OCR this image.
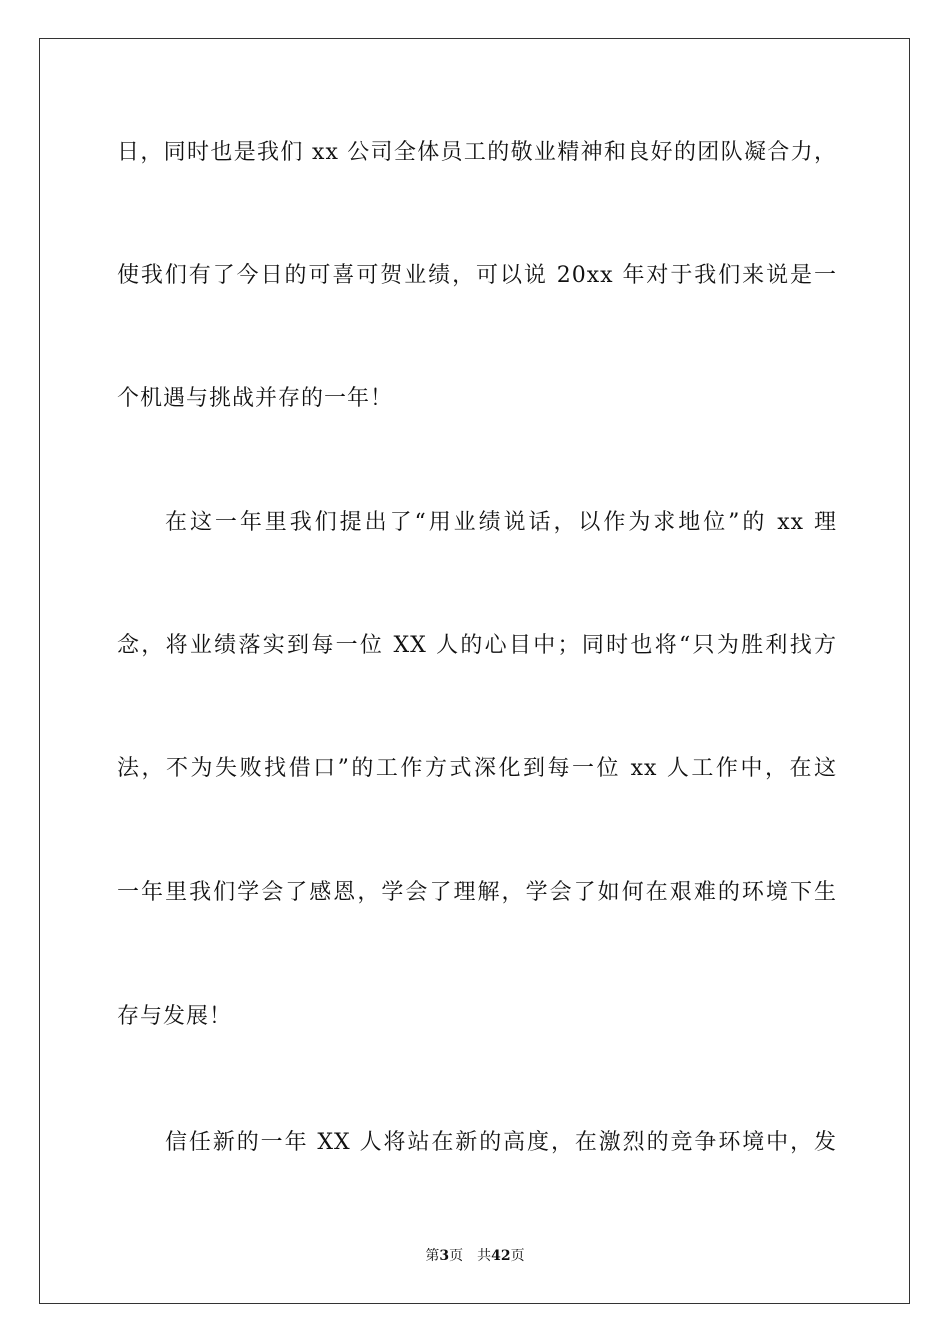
日，同时也是我们 xx 公司全体员工的敬业精神和良好的团队凝合力，
使我们有了今日的可喜可贺业绩，可以说 20xx 年对于我们来说是一
个机遇与挑战并存的一年！
在这一年里我们提出了“用业绩说话，以作为求地位”的 xx 理
念，将业绩落实到每一位 XX 人的心目中；同时也将“只为胜利找方
法，不为失败找借口”的工作方式深化到每一位 xx 人工作中，在这
一年里我们学会了感恩，学会了理解，学会了如何在艰难的环境下生
存与发展！
信任新的一年 XX 人将站在新的高度，在激烈的竞争环境中，发
第3页 共42页
